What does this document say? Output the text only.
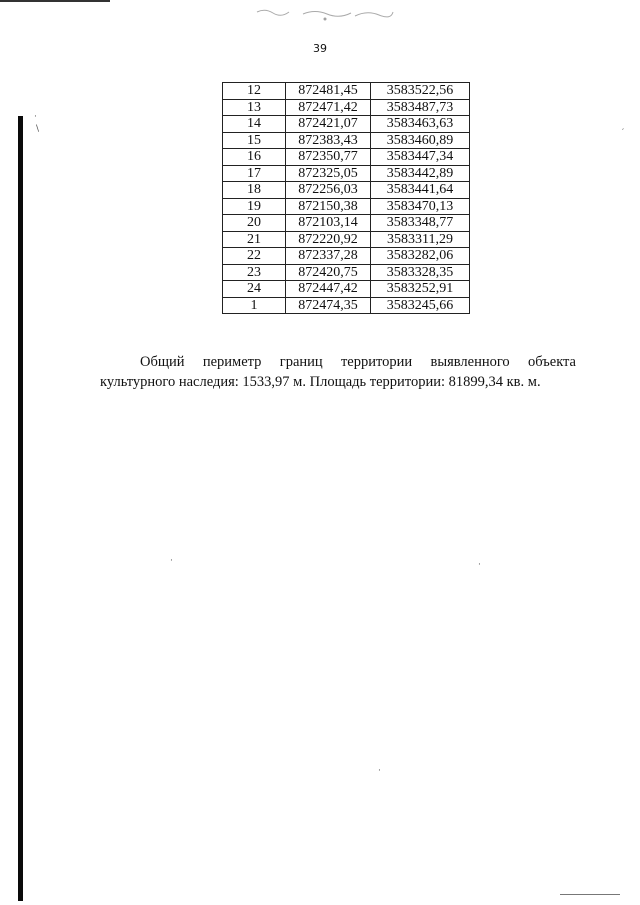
·
\	′
·	·
·
39
12	872481,45	3583522,56
13	872471,42	3583487,73
14	872421,07	3583463,63
15	872383,43	3583460,89
16	872350,77	3583447,34
17	872325,05	3583442,89
18	872256,03	3583441,64
19	872150,38	3583470,13
20	872103,14	3583348,77
21	872220,92	3583311,29
22	872337,28	3583282,06
23	872420,75	3583328,35
24	872447,42	3583252,91
1	872474,35	3583245,66
Общий периметр границ территории выявленного объекта
культурного наследия: 1533,97 м. Площадь территории: 81899,34 кв. м.
